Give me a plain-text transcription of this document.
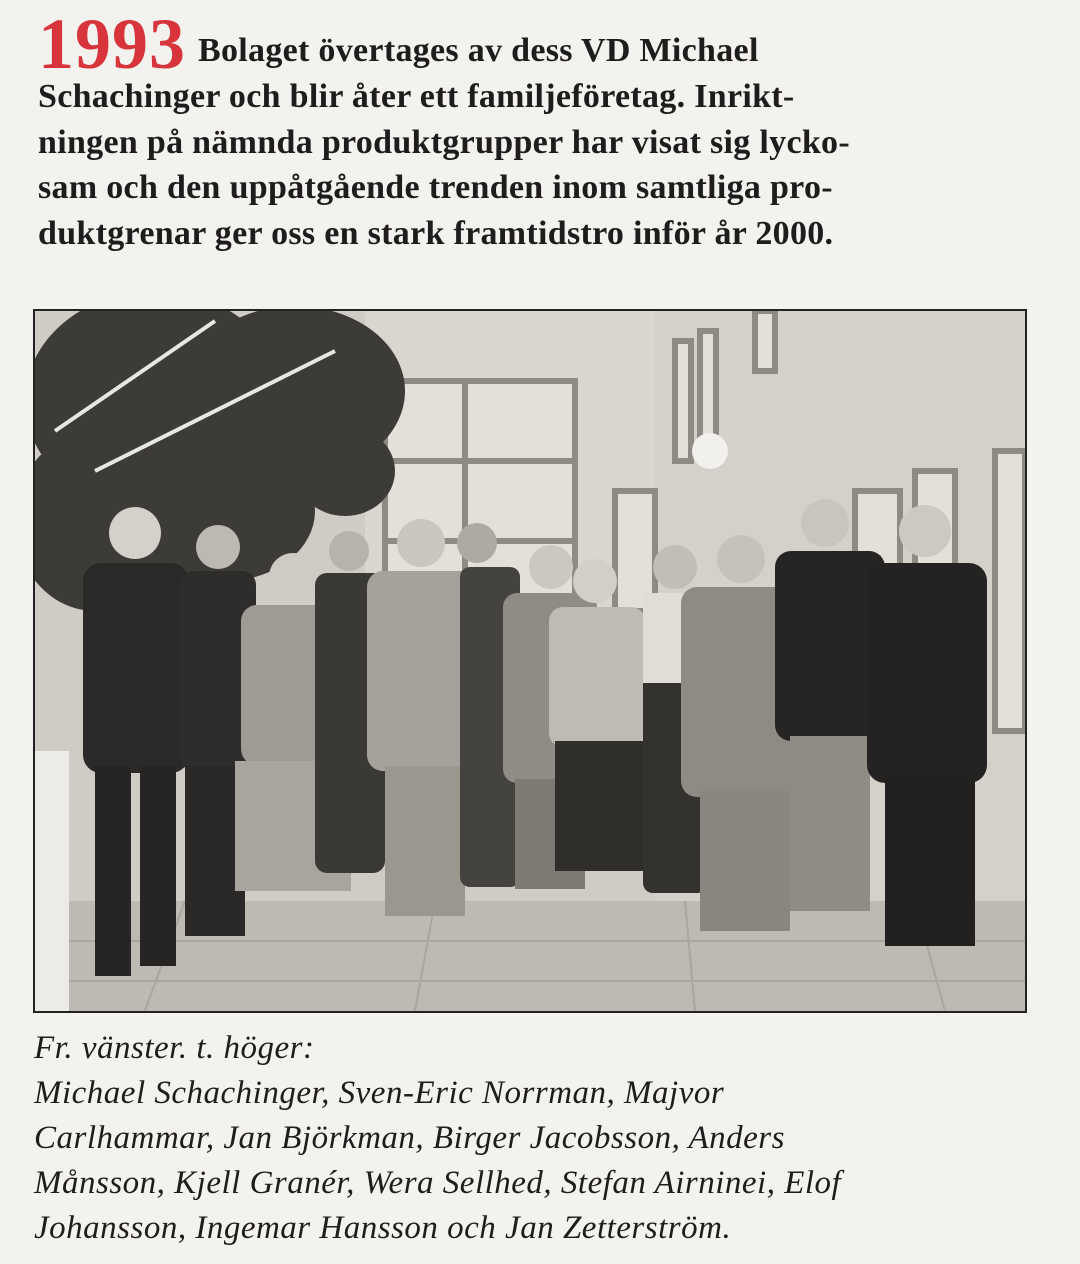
1993 Bolaget övertages av dess VD Michael
Schachinger och blir åter ett familjeföretag. Inrikt-
ningen på nämnda produktgrupper har visat sig lycko-
sam och den uppåtgående trenden inom samtliga pro-
duktgrenar ger oss en stark framtidstro inför år 2000.
Fr. vänster. t. höger:
Michael Schachinger, Sven-Eric Norrman, Majvor
Carlhammar, Jan Björkman, Birger Jacobsson, Anders
Månsson, Kjell Granér, Wera Sellhed, Stefan Airninei, Elof
Johansson, Ingemar Hansson och Jan Zetterström.
